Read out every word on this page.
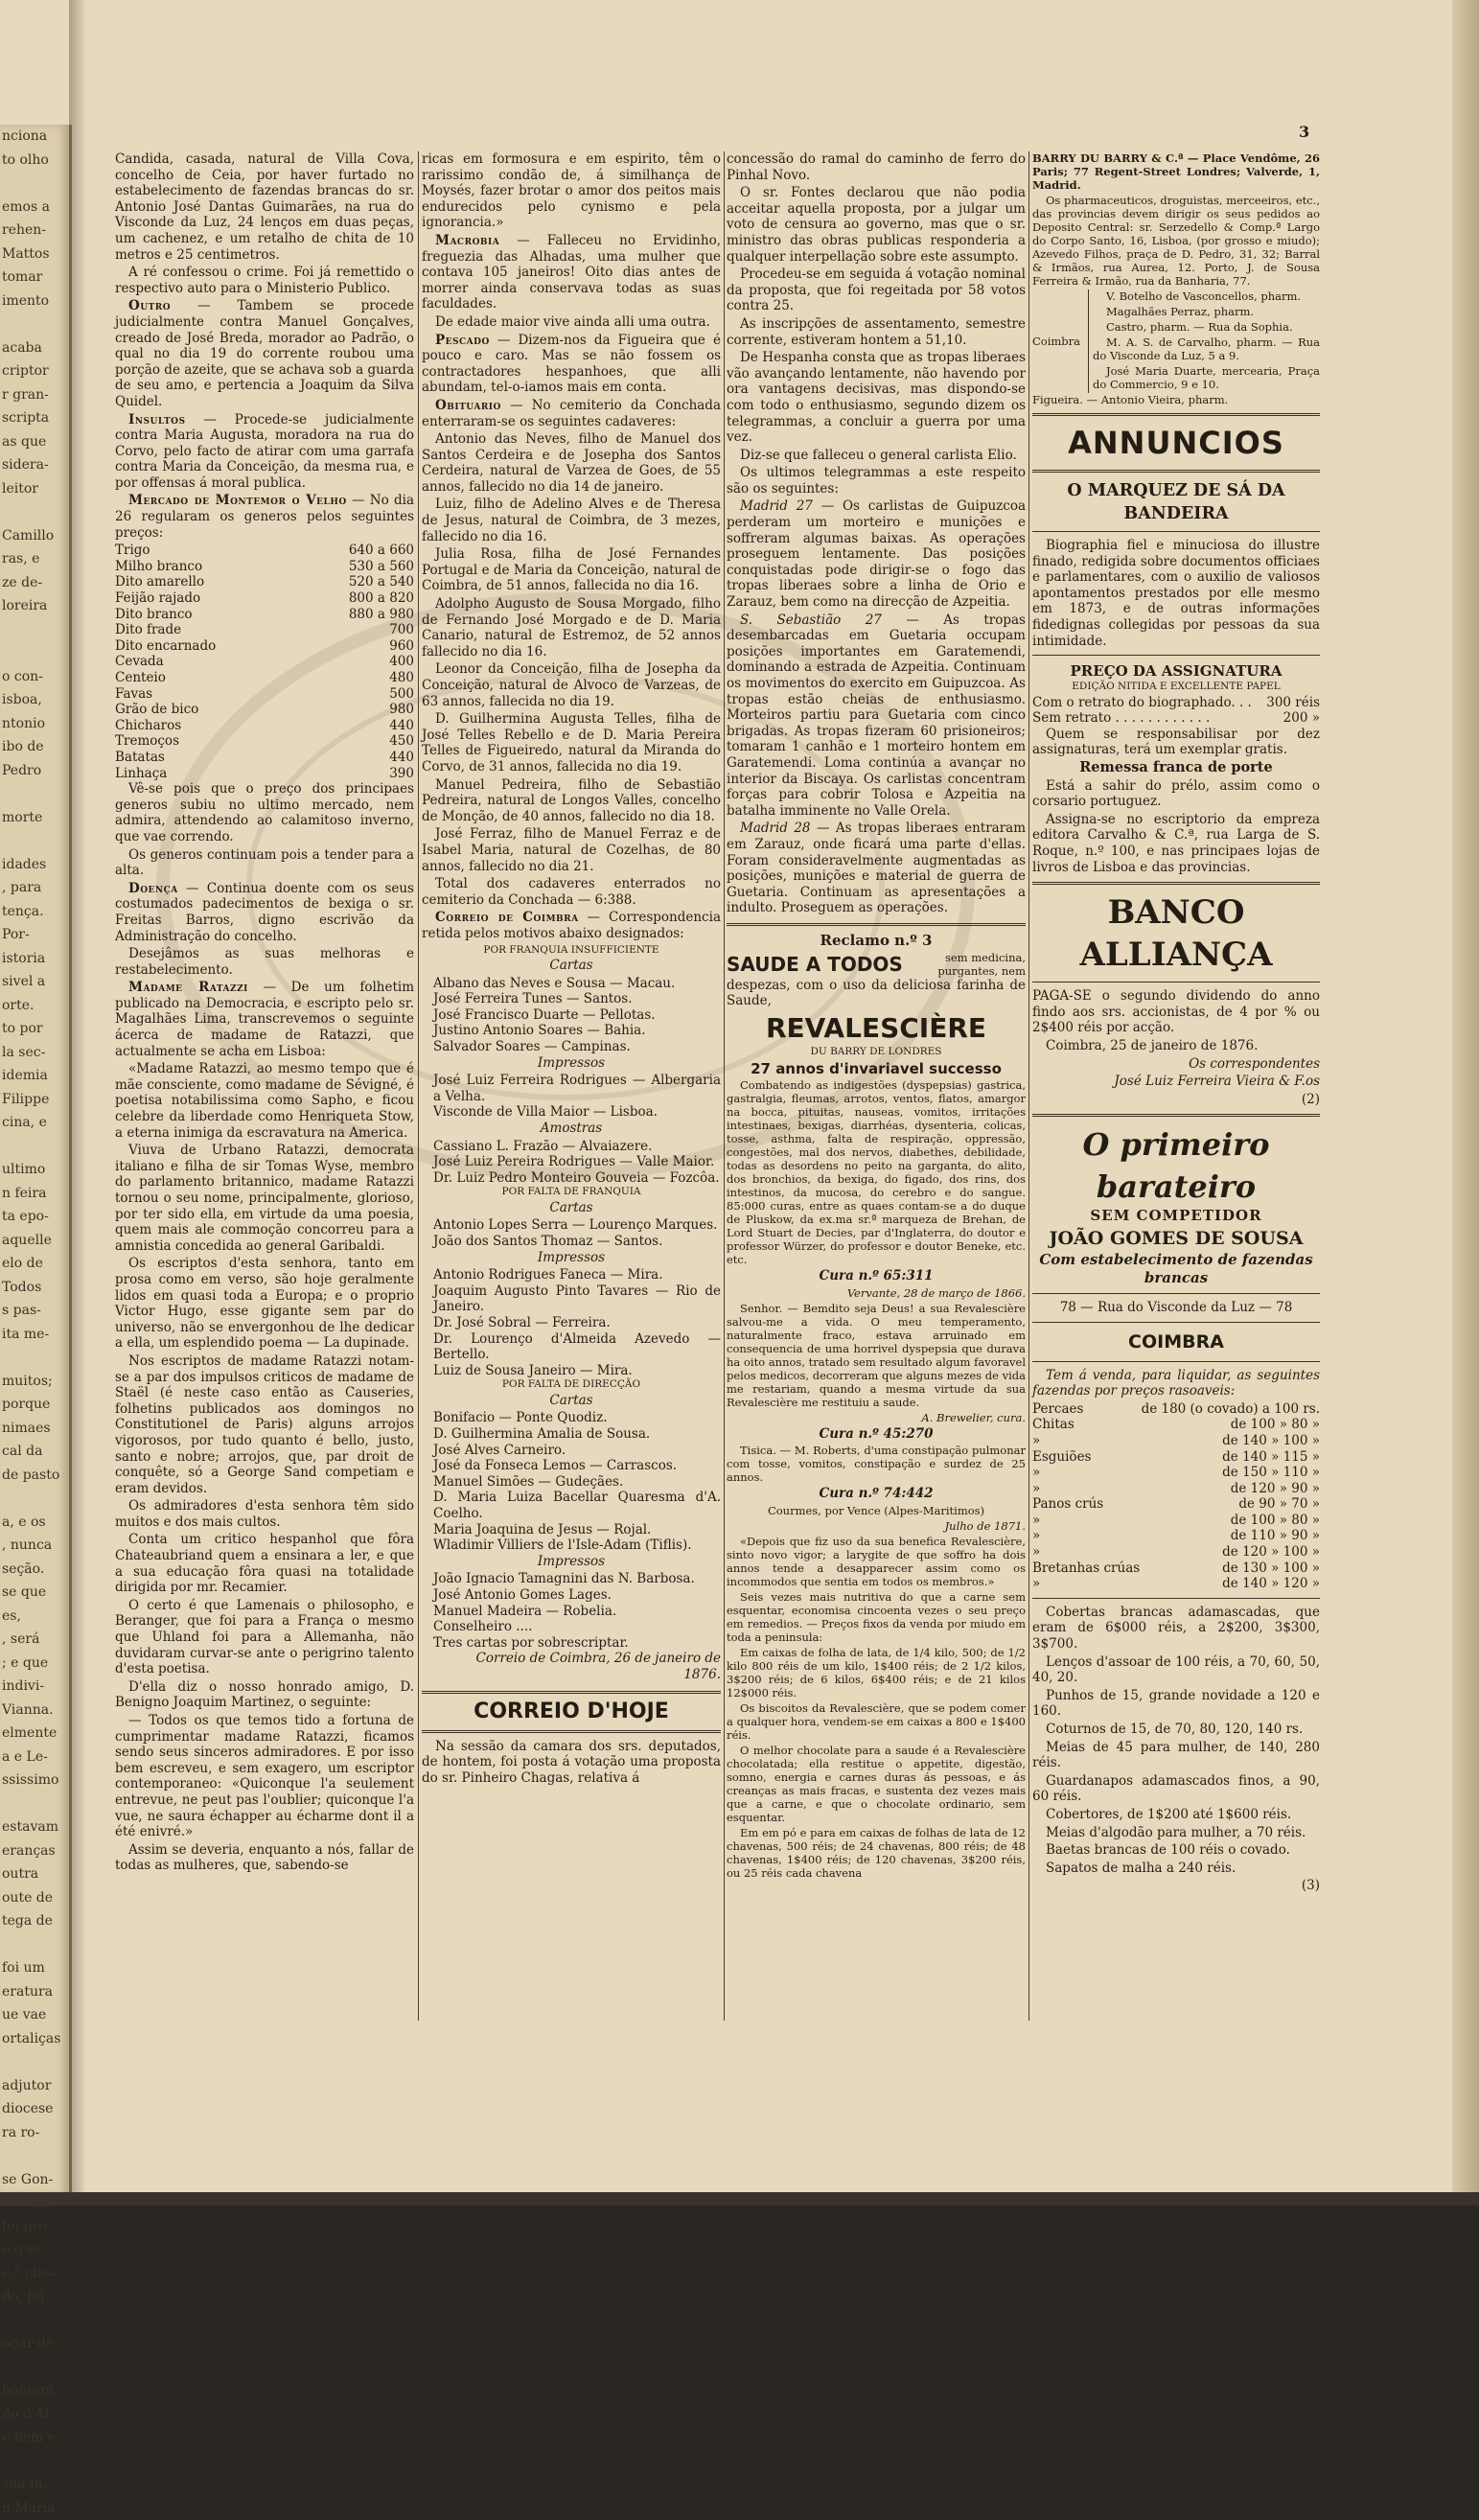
nciona
to olho

emos a
rehen-
Mattos
tomar
imento

acaba
criptor
r gran-
scripta
as que
sidera-
leitor

Camillo
ras, e
ze de-
loreira

o con-
isboa,
ntonio
ibo de
Pedro

morte

idades
, para
tença.
Por-
istoria
sivel a
orte.
to por
la sec-
idemia
Filippe
cina, e

ultimo
n feira
ta epo-
aquelle
elo de
Todos
s pas-
ita me-

muitos;
porque
nimaes
cal da
de pasto

a, e os
, nunca
seção.
se que
es,
, será
; e que
indivi-
Vianna.
elmente
a e Le-
ssissimo

estavam
eranças
outra
oute de
tega de

foi um
eratura
ue vae
ortaliças

adjutor
diocese
ra ro-

se Gon-
foi pro-
e o se-
e.º clas-
do, foi

ogar de

hontem,
do d'Al-
e bem e

sua fa-
n Maria
3

Candida, casada, natural de Villa Cova, concelho de Ceia, por haver furtado no estabelecimento de fazendas brancas do sr. Antonio José Dantas Guimarães, na rua do Visconde da Luz, 24 lenços em duas peças, um cachenez, e um retalho de chita de 10 metros e 25 centimetros.

A ré confessou o crime. Foi já remettido o respectivo auto para o Ministerio Publico.

Outro — Tambem se procede judicialmente contra Manuel Gonçalves, creado de José Breda, morador ao Padrão, o qual no dia 19 do corrente roubou uma porção de azeite, que se achava sob a guarda de seu amo, e pertencia a Joaquim da Silva Quidel.

Insultos — Procede-se judicialmente contra Maria Augusta, moradora na rua do Corvo, pelo facto de atirar com uma garrafa contra Maria da Conceição, da mesma rua, e por offensas á moral publica.

Mercado de Montemor o Velho — No dia 26 regularam os generos pelos seguintes preços:

Trigo	640 a 660
Milho branco	530 a 560
Dito amarello	520 a 540
Feijão rajado	800 a 820
Dito branco	880 a 980
Dito frade	700
Dito encarnado	960
Cevada	400
Centeio	480
Favas	500
Grão de bico	980
Chicharos	440
Tremoços	450
Batatas	440
Linhaça	390

Vê-se pois que o preço dos principaes generos subiu no ultimo mercado, nem admira, attendendo ao calamitoso inverno, que vae correndo.

Os generos continuam pois a tender para a alta.

Doença — Continua doente com os seus costumados padecimentos de bexiga o sr. Freitas Barros, digno escrivão da Administração do concelho.

Desejâmos as suas melhoras e restabelecimento.

Madame Ratazzi — De um folhetim publicado na Democracia, e escripto pelo sr. Magalhães Lima, transcrevemos o seguinte ácerca de madame de Ratazzi, que actualmente se acha em Lisboa:

«Madame Ratazzi, ao mesmo tempo que é mãe consciente, como madame de Sévigné, é poetisa notabilissima como Sapho, e ficou celebre da liberdade como Henriqueta Stow, a eterna inimiga da escravatura na America.

Viuva de Urbano Ratazzi, democrata italiano e filha de sir Tomas Wyse, membro do parlamento britannico, madame Ratazzi tornou o seu nome, principalmente, glorioso, por ter sido ella, em virtude da uma poesia, quem mais ale commoção concorreu para a amnistia concedida ao general Garibaldi.

Os escriptos d'esta senhora, tanto em prosa como em verso, são hoje geralmente lidos em quasi toda a Europa; e o proprio Victor Hugo, esse gigante sem par do universo, não se envergonhou de lhe dedicar a ella, um esplendido poema — La dupinade.

Nos escriptos de madame Ratazzi notam-se a par dos impulsos criticos de madame de Staël (é neste caso então as Causeries, folhetins publicados aos domingos no Constitutionel de Paris) alguns arrojos vigorosos, por tudo quanto é bello, justo, santo e nobre; arrojos, que, par droit de conquête, só a George Sand competiam e eram devidos.

Os admiradores d'esta senhora têm sido muitos e dos mais cultos.

Conta um critico hespanhol que fôra Chateaubriand quem a ensinara a ler, e que a sua educação fôra quasi na totalidade dirigida por mr. Recamier.

O certo é que Lamenais o philosopho, e Beranger, que foi para a França o mesmo que Uhland foi para a Allemanha, não duvidaram curvar-se ante o perigrino talento d'esta poetisa.

D'ella diz o nosso honrado amigo, D. Benigno Joaquim Martinez, o seguinte:

— Todos os que temos tido a fortuna de cumprimentar madame Ratazzi, ficamos sendo seus sinceros admiradores. E por isso bem escreveu, e sem exagero, um escriptor contemporaneo: «Quiconque l'a seulement entrevue, ne peut pas l'oublier; quiconque l'a vue, ne saura échapper au écharme dont il a été enivré.»

Assim se deveria, enquanto a nós, fallar de todas as mulheres, que, sabendo-se

ricas em formosura e em espirito, têm o rarissimo condão de, á similhança de Moysés, fazer brotar o amor dos peitos mais endurecidos pelo cynismo e pela ignorancia.»

Macrobia — Falleceu no Ervidinho, freguezia das Alhadas, uma mulher que contava 105 janeiros! Oito dias antes de morrer ainda conservava todas as suas faculdades.

De edade maior vive ainda alli uma outra.

Pescado — Dizem-nos da Figueira que é pouco e caro. Mas se não fossem os contractadores hespanhoes, que alli abundam, tel-o-iamos mais em conta.

Obituario — No cemiterio da Conchada enterraram-se os seguintes cadaveres:

Antonio das Neves, filho de Manuel dos Santos Cerdeira e de Josepha dos Santos Cerdeira, natural de Varzea de Goes, de 55 annos, fallecido no dia 14 de janeiro.

Luiz, filho de Adelino Alves e de Theresa de Jesus, natural de Coimbra, de 3 mezes, fallecido no dia 16.

Julia Rosa, filha de José Fernandes Portugal e de Maria da Conceição, natural de Coimbra, de 51 annos, fallecida no dia 16.

Adolpho Augusto de Sousa Morgado, filho de Fernando José Morgado e de D. Maria Canario, natural de Estremoz, de 52 annos fallecido no dia 16.

Leonor da Conceição, filha de Josepha da Conceição, natural de Alvoco de Varzeas, de 63 annos, fallecida no dia 19.

D. Guilhermina Augusta Telles, filha de José Telles Rebello e de D. Maria Pereira Telles de Figueiredo, natural da Miranda do Corvo, de 31 annos, fallecida no dia 19.

Manuel Pedreira, filho de Sebastião Pedreira, natural de Longos Valles, concelho de Monção, de 40 annos, fallecido no dia 18.

José Ferraz, filho de Manuel Ferraz e de Isabel Maria, natural de Cozelhas, de 80 annos, fallecido no dia 21.

Total dos cadaveres enterrados no cemiterio da Conchada — 6:388.

Correio de Coimbra — Correspondencia retida pelos motivos abaixo designados:

POR FRANQUIA INSUFFICIENTE

Cartas

Albano das Neves e Sousa — Macau.

José Ferreira Tunes — Santos.

José Francisco Duarte — Pellotas.

Justino Antonio Soares — Bahia.

Salvador Soares — Campinas.

Impressos

José Luiz Ferreira Rodrigues — Albergaria a Velha.

Visconde de Villa Maior — Lisboa.

Amostras

Cassiano L. Frazão — Alvaiazere.

José Luiz Pereira Rodrigues — Valle Maior.

Dr. Luiz Pedro Monteiro Gouveia — Fozcôa.

POR FALTA DE FRANQUIA

Cartas

Antonio Lopes Serra — Lourenço Marques.

João dos Santos Thomaz — Santos.

Impressos

Antonio Rodrigues Faneca — Mira.

Joaquim Augusto Pinto Tavares — Rio de Janeiro.

Dr. José Sobral — Ferreira.

Dr. Lourenço d'Almeida Azevedo — Bertello.

Luiz de Sousa Janeiro — Mira.

POR FALTA DE DIRECÇÃO

Cartas

Bonifacio — Ponte Quodiz.

D. Guilhermina Amalia de Sousa.

José Alves Carneiro.

José da Fonseca Lemos — Carrascos.

Manuel Simões — Gudeçães.

D. Maria Luiza Bacellar Quaresma d'A. Coelho.

Maria Joaquina de Jesus — Rojal.

Wladimir Villiers de l'Isle-Adam (Tiflis).

Impressos

João Ignacio Tamagnini das N. Barbosa.

José Antonio Gomes Lages.

Manuel Madeira — Robelia.

Conselheiro ....

Tres cartas por sobrescriptar.

Correio de Coimbra, 26 de janeiro de 1876.

CORREIO D'HOJE

Na sessão da camara dos srs. deputados, de hontem, foi posta á votação uma proposta do sr. Pinheiro Chagas, relativa á

concessão do ramal do caminho de ferro do Pinhal Novo.

O sr. Fontes declarou que não podia acceitar aquella proposta, por a julgar um voto de censura ao governo, mas que o sr. ministro das obras publicas responderia a qualquer interpellação sobre este assumpto.

Procedeu-se em seguida á votação nominal da proposta, que foi regeitada por 58 votos contra 25.

As inscripções de assentamento, semestre corrente, estiveram hontem a 51,10.

De Hespanha consta que as tropas liberaes vão avançando lentamente, não havendo por ora vantagens decisivas, mas dispondo-se com todo o enthusiasmo, segundo dizem os telegrammas, a concluir a guerra por uma vez.

Diz-se que falleceu o general carlista Elio.

Os ultimos telegrammas a este respeito são os seguintes:

Madrid 27 — Os carlistas de Guipuzcoa perderam um morteiro e munições e soffreram algumas baixas. As operações proseguem lentamente. Das posições conquistadas pode dirigir-se o fogo das tropas liberaes sobre a linha de Orio e Zarauz, bem como na direcção de Azpeitia.

S. Sebastião 27 — As tropas desembarcadas em Guetaria occupam posições importantes em Garatemendi, dominando a estrada de Azpeitia. Continuam os movimentos do exercito em Guipuzcoa. As tropas estão cheias de enthusiasmo. Morteiros partiu para Guetaria com cinco brigadas. As tropas fizeram 60 prisioneiros; tomaram 1 canhão e 1 morteiro hontem em Garatemendi. Loma continúa a avançar no interior da Biscaya. Os carlistas concentram forças para cobrir Tolosa e Azpeitia na batalha imminente no Valle Orela.

Madrid 28 — As tropas liberaes entraram em Zarauz, onde ficará uma parte d'ellas. Foram consideravelmente augmentadas as posições, munições e material de guerra de Guetaria. Continuam as apresentações a indulto. Proseguem as operações.

Reclamo n.º 3

SAUDE A TODOS	sem medicina, purgantes, nem

despezas, com o uso da deliciosa farinha de Saude,

REVALESCIÈRE

DU BARRY DE LONDRES

27 annos d'invariavel successo

Combatendo as indigestões (dyspepsias) gastrica, gastralgia, fleumas, arrotos, ventos, flatos, amargor na bocca, pituitas, nauseas, vomitos, irritações intestinaes, bexigas, diarrhéas, dysenteria, colicas, tosse, asthma, falta de respiração, oppressão, congestões, mal dos nervos, diabethes, debilidade, todas as desordens no peito na garganta, do alito, dos bronchios, da bexiga, do figado, dos rins, dos intestinos, da mucosa, do cerebro e do sangue. 85:000 curas, entre as quaes contam-se a do duque de Pluskow, da ex.ma sr.ª marqueza de Brehan, de Lord Stuart de Decies, par d'Inglaterra, do doutor e professor Würzer, do professor e doutor Beneke, etc. etc.

Cura n.º 65:311

Vervante, 28 de março de 1866.

Senhor. — Bemdito seja Deus! a sua Revalescière salvou-me a vida. O meu temperamento, naturalmente fraco, estava arruinado em consequencia de uma horrivel dyspepsia que durava ha oito annos, tratado sem resultado algum favoravel pelos medicos, decorreram que alguns mezes de vida me restariam, quando a mesma virtude da sua Revalescière me restituiu a saude.

A. Brewelier, cura.

Cura n.º 45:270

Tisica. — M. Roberts, d'uma constipação pulmonar com tosse, vomitos, constipação e surdez de 25 annos.

Cura n.º 74:442

Courmes, por Vence (Alpes-Maritimos)

Julho de 1871.

«Depois que fiz uso da sua benefica Revalescière, sinto novo vigor; a larygite de que soffro ha dois annos tende a desapparecer assim como os incommodos que sentia em todos os membros.»

Seis vezes mais nutritiva do que a carne sem esquentar, economisa cincoenta vezes o seu preço em remedios. — Preços fixos da venda por miudo em toda a peninsula:

Em caixas de folha de lata, de 1/4 kilo, 500; de 1/2 kilo 800 réis de um kilo, 1$400 réis; de 2 1/2 kilos, 3$200 réis; de 6 kilos, 6$400 réis; e de 21 kilos 12$000 réis.

Os biscoitos da Revalescière, que se podem comer a qualquer hora, vendem-se em caixas a 800 e 1$400 réis.

O melhor chocolate para a saude é a Revalescière chocolatada; ella restitue o appetite, digestão, somno, energia e carnes duras ás pessoas, e ás creanças as mais fracas, e sustenta dez vezes mais que a carne, e que o chocolate ordinario, sem esquentar.

Em em pó e para em caixas de folhas de lata de 12 chavenas, 500 réis; de 24 chavenas, 800 réis; de 48 chavenas, 1$400 réis; de 120 chavenas, 3$200 réis, ou 25 réis cada chavena

BARRY DU BARRY & C.ª — Place Vendôme, 26 Paris; 77 Regent-Street Londres; Valverde, 1, Madrid.

Os pharmaceuticos, droguistas, merceeiros, etc., das provincias devem dirigir os seus pedidos ao Deposito Central: sr. Serzedello & Comp.ª Largo do Corpo Santo, 16, Lisboa, (por grosso e miudo); Azevedo Filhos, praça de D. Pedro, 31, 32; Barral & Irmãos, rua Aurea, 12. Porto, J. de Sousa Ferreira & Irmão, rua da Banharia, 77.

Coimbra

V. Botelho de Vasconcellos, pharm.

Magalhães Perraz, pharm.

Castro, pharm. — Rua da Sophia.

M. A. S. de Carvalho, pharm. — Rua do Visconde da Luz, 5 a 9.

José Maria Duarte, mercearia, Praça do Commercio, 9 e 10.

Figueira. — Antonio Vieira, pharm.

ANNUNCIOS
O MARQUEZ DE SÁ DA BANDEIRA

Biographia fiel e minuciosa do illustre finado, redigida sobre documentos officiaes e parlamentares, com o auxilio de valiosos apontamentos prestados por elle mesmo em 1873, e de outras informações fidedignas collegidas por pessoas da sua intimidade.

PREÇO DA ASSIGNATURA

EDIÇÃO NITIDA E EXCELLENTE PAPEL

Com o retrato do biographado. . . 300 réis
Sem retrato . . . . . . . . . . . .	200 »

Quem se responsabilisar por dez assignaturas, terá um exemplar gratis.

Remessa franca de porte

Está a sahir do prélo, assim como o corsario portuguez.

Assigna-se no escriptorio da empreza editora Carvalho & C.ª, rua Larga de S. Roque, n.º 100, e nas principaes lojas de livros de Lisboa e das provincias.

BANCO ALLIANÇA

PAGA-SE o segundo dividendo do anno findo aos srs. accionistas, de 4 por % ou 2$400 réis por acção.

Coimbra, 25 de janeiro de 1876.

Os correspondentes

José Luiz Ferreira Vieira & F.os

(2)

O primeiro barateiro

SEM COMPETIDOR

JOÃO GOMES DE SOUSA

Com estabelecimento de fazendas brancas

78 — Rua do Visconde da Luz — 78

COIMBRA

Tem á venda, para liquidar, as seguintes fazendas por preços rasoaveis:

Percaes	de 180 (o covado) a 100 rs.
Chitas	de 100 » 80 »
»	de 140 » 100 »
Esguiões	de 140 » 115 »
»	de 150 » 110 »
»	de 120 » 90 »
Panos crús	de 90 » 70 »
»	de 100 » 80 »
»	de 110 » 90 »
»	de 120 » 100 »
Bretanhas crúas	de 130 » 100 »
»	de 140 » 120 »

Cobertas brancas adamascadas, que eram de 6$000 réis, a 2$200, 3$300, 3$700.

Lenços d'assoar de 100 réis, a 70, 60, 50, 40, 20.

Punhos de 15, grande novidade a 120 e 160.

Coturnos de 15, de 70, 80, 120, 140 rs.

Meias de 45 para mulher, de 140, 280 réis.

Guardanapos adamascados finos, a 90, 60 réis.

Cobertores, de 1$200 até 1$600 réis.

Meias d'algodão para mulher, a 70 réis.

Baetas brancas de 100 réis o covado.

Sapatos de malha a 240 réis.

(3)
